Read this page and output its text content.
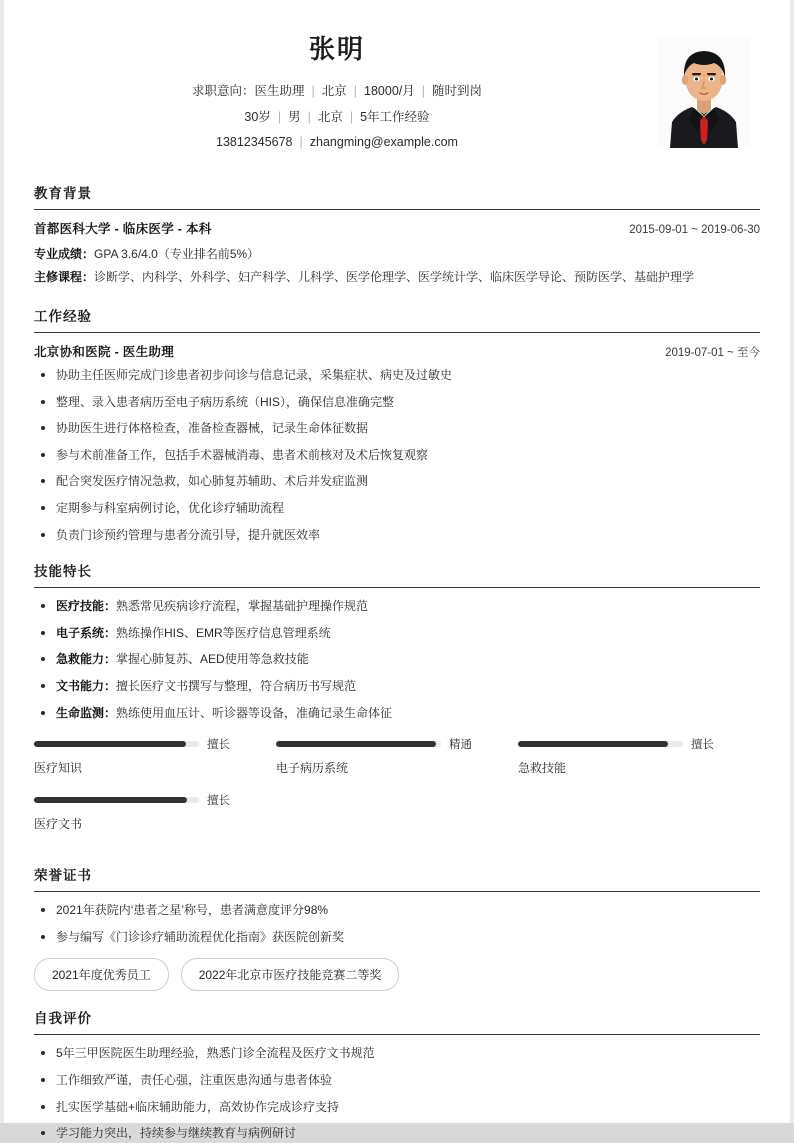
张明
求职意向：医生助理 | 北京 | 18000/月 | 随时到岗
30岁 | 男 | 北京 | 5年工作经验
13812345678 | zhangming@example.com
教育背景
首都医科大学 - 临床医学 - 本科	2015-09-01 ~ 2019-06-30
专业成绩：GPA 3.6/4.0（专业排名前5%）
主修课程：诊断学、内科学、外科学、妇产科学、儿科学、医学伦理学、医学统计学、临床医学导论、预防医学、基础护理学
工作经验
北京协和医院 - 医生助理	2019-07-01 ~ 至今
协助主任医师完成门诊患者初步问诊与信息记录，采集症状、病史及过敏史
整理、录入患者病历至电子病历系统（HIS），确保信息准确完整
协助医生进行体格检查，准备检查器械，记录生命体征数据
参与术前准备工作，包括手术器械消毒、患者术前核对及术后恢复观察
配合突发医疗情况急救，如心肺复苏辅助、术后并发症监测
定期参与科室病例讨论，优化诊疗辅助流程
负责门诊预约管理与患者分流引导，提升就医效率
技能特长
医疗技能：熟悉常见疾病诊疗流程，掌握基础护理操作规范
电子系统：熟练操作HIS、EMR等医疗信息管理系统
急救能力：掌握心肺复苏、AED使用等急救技能
文书能力：擅长医疗文书撰写与整理，符合病历书写规范
生命监测：熟练使用血压计、听诊器等设备，准确记录生命体征
擅长
医疗知识
精通
电子病历系统
擅长
急救技能
擅长
医疗文书
荣誉证书
2021年获院内‘患者之星’称号，患者满意度评分98%
参与编写《门诊诊疗辅助流程优化指南》获医院创新奖
2021年度优秀员工	2022年北京市医疗技能竞赛二等奖
自我评价
5年三甲医院医生助理经验，熟悉门诊全流程及医疗文书规范
工作细致严谨，责任心强，注重医患沟通与患者体验
扎实医学基础+临床辅助能力，高效协作完成诊疗支持
学习能力突出，持续参与继续教育与病例研讨
